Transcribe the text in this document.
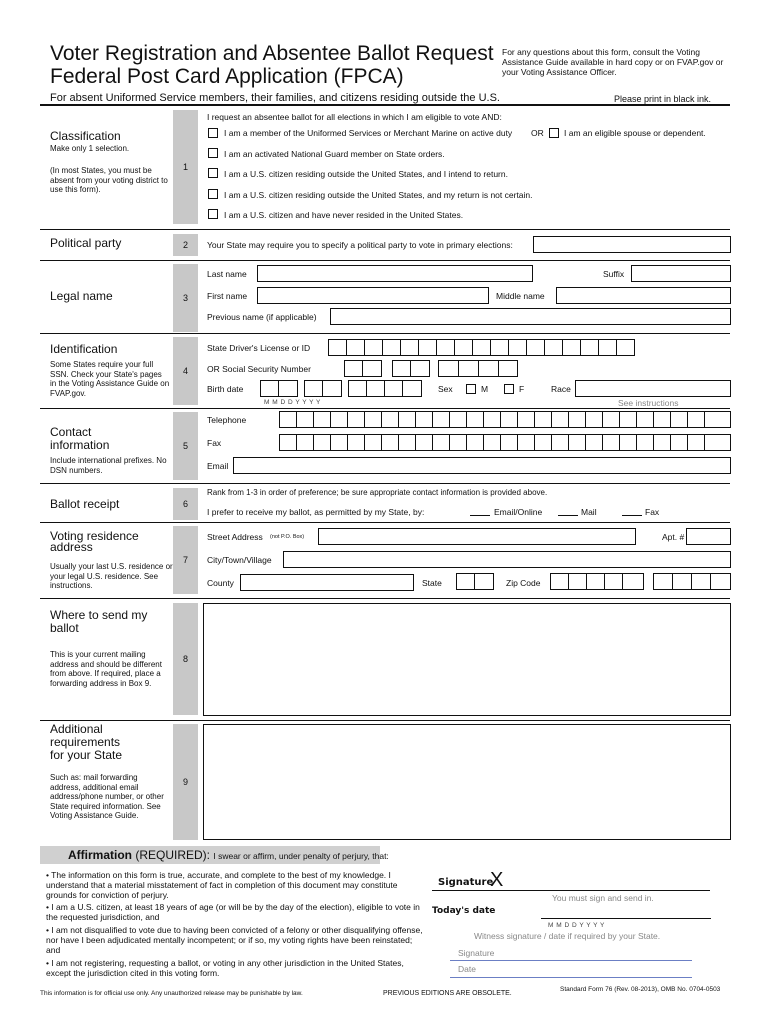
Voter Registration and Absentee Ballot Request
Federal Post Card Application (FPCA)
For any questions about this form, consult the Voting Assistance Guide available in hard copy or on FVAP.gov or your Voting Assistance Officer.
For absent Uniformed Service members, their families, and citizens residing outside the U.S.	Please print in black ink.
Classification
Make only 1 selection.
(In most States, you must be absent from your voting district to use this form).
1
I request an absentee ballot for all elections in which I am eligible to vote AND:
I am a member of the Uniformed Services or Merchant Marine on active duty OR I am an eligible spouse or dependent.
I am an activated National Guard member on State orders.
I am a U.S. citizen residing outside the United States, and I intend to return.
I am a U.S. citizen residing outside the United States, and my return is not certain.
I am a U.S. citizen and have never resided in the United States.
Political party	2	Your State may require you to specify a political party to vote in primary elections:
Legal name	3
Last name	Suffix
First name	Middle name
Previous name (if applicable)
Identification
Some States require your full SSN. Check your State's pages in the Voting Assistance Guide on FVAP.gov.
4
State Driver's License or ID
OR Social Security Number
Birth date	Sex	M	F	Race
M M D D Y Y Y Y	See instructions
Contact
information
Include international prefixes. No DSN numbers.
5
Telephone
Fax
Email
Ballot receipt	6
Rank from 1-3 in order of preference; be sure appropriate contact information is provided above.
I prefer to receive my ballot, as permitted by my State, by:	Email/Online	Mail	Fax
Voting residence
address
Usually your last U.S. residence or your legal U.S. residence. See instructions.
7
Street Address (not P.O. Box)	Apt. #
City/Town/Village
County	State	Zip Code
Where to send my
ballot
This is your current mailing address and should be different from above. If required, place a forwarding address in Box 9.
8
Additional
requirements
for your State
Such as: mail forwarding address, additional email address/phone number, or other State required information. See Voting Assistance Guide.
9
Affirmation (REQUIRED): I swear or affirm, under penalty of perjury, that:
• The information on this form is true, accurate, and complete to the best of my knowledge. I understand that a material misstatement of fact in completion of this document may constitute grounds for conviction of perjury.
• I am a U.S. citizen, at least 18 years of age (or will be by the day of the election), eligible to vote in the requested jurisdiction, and
• I am not disqualified to vote due to having been convicted of a felony or other disqualifying offense, nor have I been adjudicated mentally incompetent; or if so, my voting rights have been reinstated; and
• I am not registering, requesting a ballot, or voting in any other jurisdiction in the United States, except the jurisdiction cited in this voting form.
Signature
X
You must sign and send in.
Today's date
M M D D Y Y Y Y
Witness signature / date if required by your State.
Signature
Date
This information is for official use only. Any unauthorized release may be punishable by law.	PREVIOUS EDITIONS ARE OBSOLETE.
Standard Form 76 (Rev. 08-2013), OMB No. 0704-0503
